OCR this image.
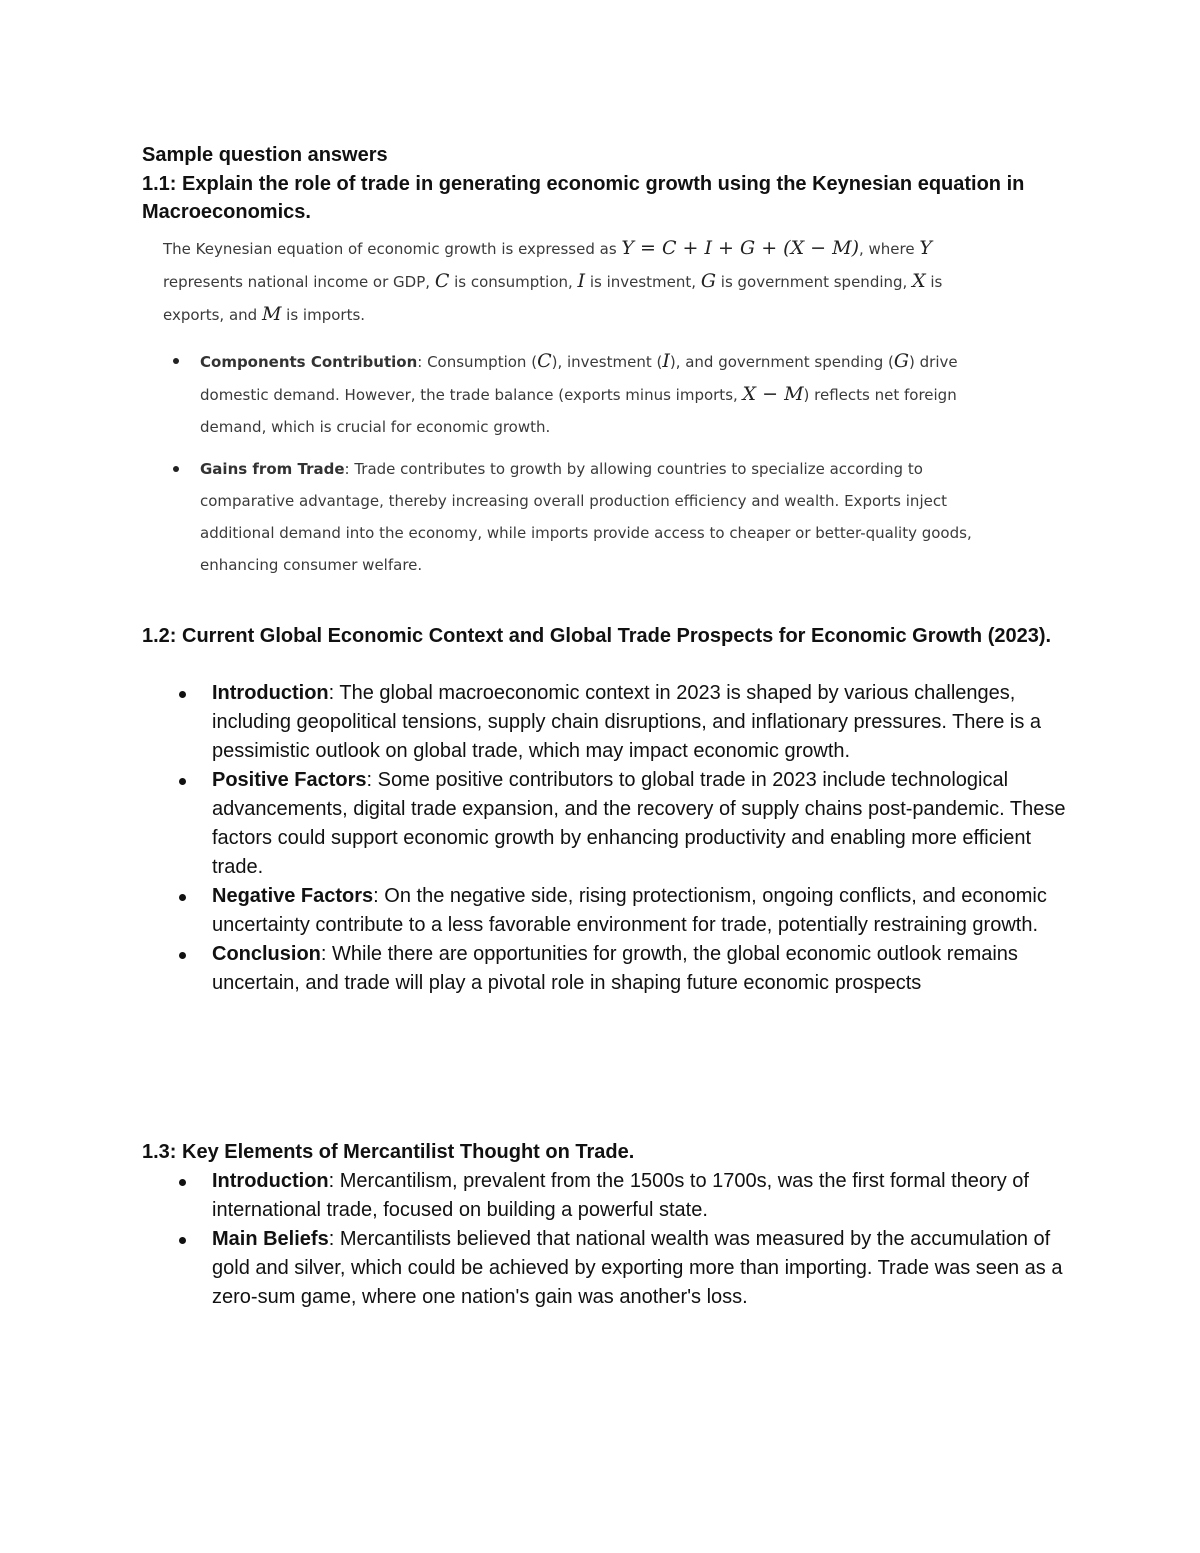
Sample question answers
1.1: Explain the role of trade in generating economic growth using the Keynesian equation in Macroeconomics.

The Keynesian equation of economic growth is expressed as Y = C + I + G + (X − M), where Y represents national income or GDP, C is consumption, I is investment, G is government spending, X is exports, and M is imports.

Components Contribution: Consumption (C), investment (I), and government spending (G) drive domestic demand. However, the trade balance (exports minus imports, X − M) reflects net foreign demand, which is crucial for economic growth.
Gains from Trade: Trade contributes to growth by allowing countries to specialize according to comparative advantage, thereby increasing overall production efficiency and wealth. Exports inject additional demand into the economy, while imports provide access to cheaper or better-quality goods, enhancing consumer welfare.
1.2: Current Global Economic Context and Global Trade Prospects for Economic Growth (2023).
Introduction: The global macroeconomic context in 2023 is shaped by various challenges, including geopolitical tensions, supply chain disruptions, and inflationary pressures. There is a pessimistic outlook on global trade, which may impact economic growth.
Positive Factors: Some positive contributors to global trade in 2023 include technological advancements, digital trade expansion, and the recovery of supply chains post-pandemic. These factors could support economic growth by enhancing productivity and enabling more efficient trade.
Negative Factors: On the negative side, rising protectionism, ongoing conflicts, and economic uncertainty contribute to a less favorable environment for trade, potentially restraining growth.
Conclusion: While there are opportunities for growth, the global economic outlook remains uncertain, and trade will play a pivotal role in shaping future economic prospects
1.3: Key Elements of Mercantilist Thought on Trade.
Introduction: Mercantilism, prevalent from the 1500s to 1700s, was the first formal theory of international trade, focused on building a powerful state.
Main Beliefs: Mercantilists believed that national wealth was measured by the accumulation of gold and silver, which could be achieved by exporting more than importing. Trade was seen as a zero-sum game, where one nation's gain was another's loss.
